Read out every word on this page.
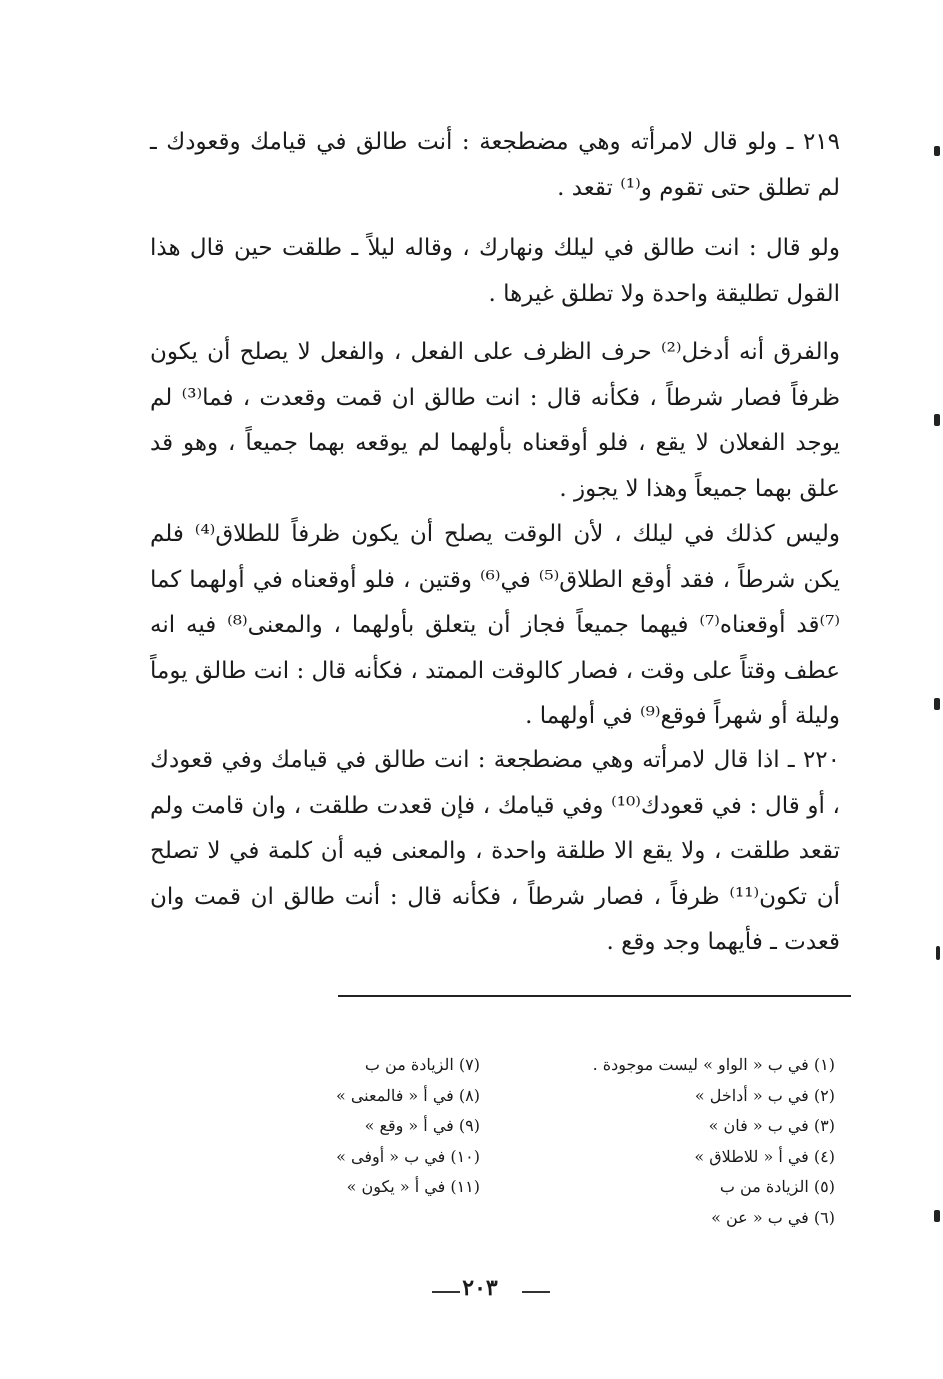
٢١٩ ـ ولو قال لامرأته وهي مضطجعة : أنت طالق في قيامك وقعودك ـ لم تطلق حتى تقوم و⁽¹⁾ تقعد .

ولو قال : انت طالق في ليلك ونهارك ، وقاله ليلاً ـ طلقت حين قال هذا القول تطليقة واحدة ولا تطلق غيرها .

والفرق أنه أدخل⁽²⁾ حرف الظرف على الفعل ، والفعل لا يصلح أن يكون ظرفاً فصار شرطاً ، فكأنه قال : انت طالق ان قمت وقعدت ، فما⁽³⁾ لم يوجد الفعلان لا يقع ، فلو أوقعناه بأولهما لم يوقعه بهما جميعاً ، وهو قد علق بهما جميعاً وهذا لا يجوز .

وليس كذلك في ليلك ، لأن الوقت يصلح أن يكون ظرفاً للطلاق⁽⁴⁾ فلم يكن شرطاً ، فقد أوقع الطلاق⁽⁵⁾ في⁽⁶⁾ وقتين ، فلو أوقعناه في أولهما كما ⁽⁷⁾قد أوقعناه⁽⁷⁾ فيهما جميعاً فجاز أن يتعلق بأولهما ، والمعنى⁽⁸⁾ فيه انه عطف وقتاً على وقت ، فصار كالوقت الممتد ، فكأنه قال : انت طالق يوماً وليلة أو شهراً فوقع⁽⁹⁾ في أولهما .

٢٢٠ ـ اذا قال لامرأته وهي مضطجعة : انت طالق في قيامك وفي قعودك ، أو قال : في قعودك⁽¹⁰⁾ وفي قيامك ، فإن قعدت طلقت ، وان قامت ولم تقعد طلقت ، ولا يقع الا طلقة واحدة ، والمعنى فيه أن كلمة في لا تصلح أن تكون⁽¹¹⁾ ظرفاً ، فصار شرطاً ، فكأنه قال : أنت طالق ان قمت وان قعدت ـ فأيهما وجد وقع .

(١) في ب « الواو » ليست موجودة .
(٢) في ب « أداخل »
(٣) في ب « فان »
(٤) في أ « للاطلاق »
(٥) الزيادة من ب
(٦) في ب « عن »
(٧) الزيادة من ب
(٨) في أ « فالمعنى »
(٩) في أ « وقع »
(١٠) في ب « أوفى »
(١١) في أ « يكون »
٢٠٣
